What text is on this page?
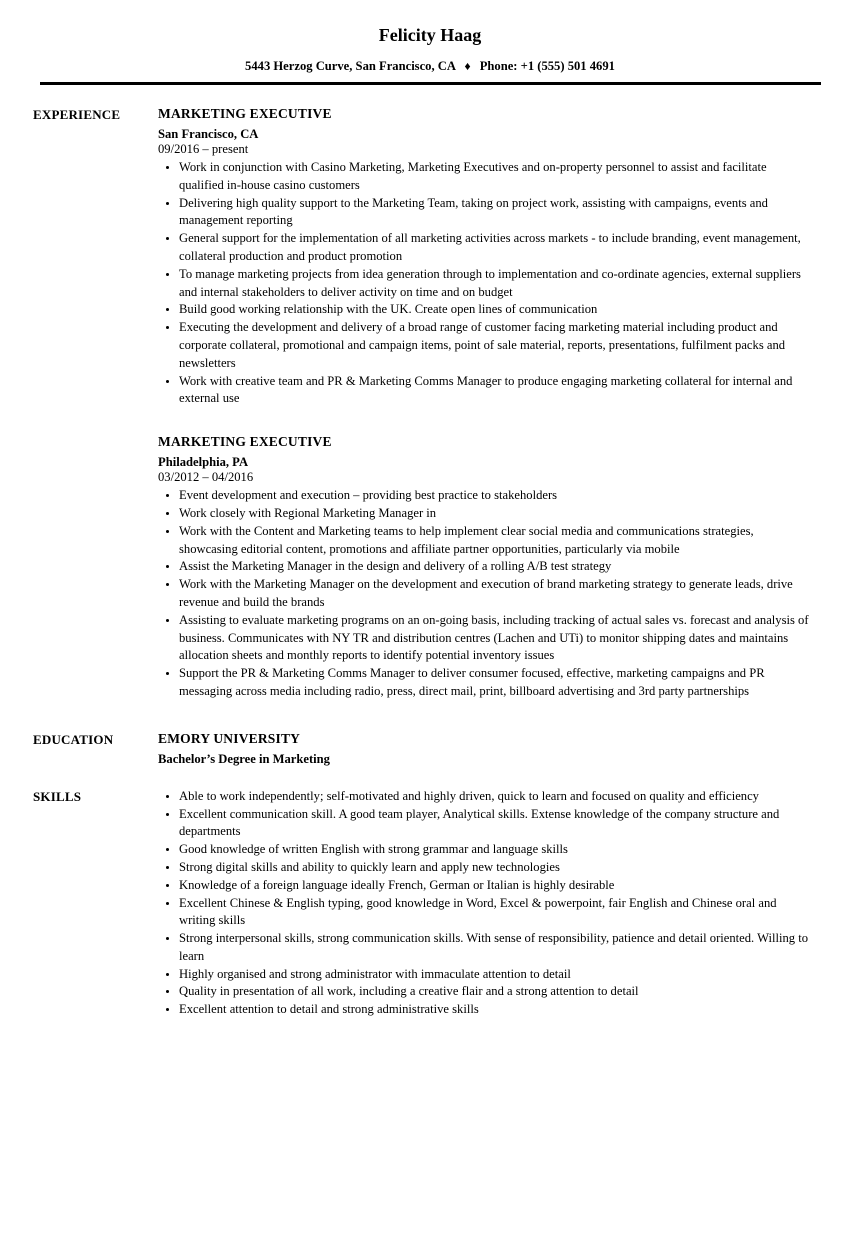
Felicity Haag
5443 Herzog Curve, San Francisco, CA ♦ Phone: +1 (555) 501 4691
EXPERIENCE	MARKETING EXECUTIVE
San Francisco, CA
09/2016 – present
• Work in conjunction with Casino Marketing, Marketing Executives and on-property personnel to assist and facilitate qualified in-house casino customers
• Delivering high quality support to the Marketing Team, taking on project work, assisting with campaigns, events and management reporting
• General support for the implementation of all marketing activities across markets - to include branding, event management, collateral production and product promotion
• To manage marketing projects from idea generation through to implementation and co-ordinate agencies, external suppliers and internal stakeholders to deliver activity on time and on budget
• Build good working relationship with the UK. Create open lines of communication
• Executing the development and delivery of a broad range of customer facing marketing material including product and corporate collateral, promotional and campaign items, point of sale material, reports, presentations, fulfilment packs and newsletters
• Work with creative team and PR & Marketing Comms Manager to produce engaging marketing collateral for internal and external use
MARKETING EXECUTIVE
Philadelphia, PA
03/2012 – 04/2016
• Event development and execution – providing best practice to stakeholders
• Work closely with Regional Marketing Manager in
• Work with the Content and Marketing teams to help implement clear social media and communications strategies, showcasing editorial content, promotions and affiliate partner opportunities, particularly via mobile
• Assist the Marketing Manager in the design and delivery of a rolling A/B test strategy
• Work with the Marketing Manager on the development and execution of brand marketing strategy to generate leads, drive revenue and build the brands
• Assisting to evaluate marketing programs on an on-going basis, including tracking of actual sales vs. forecast and analysis of business. Communicates with NY TR and distribution centres (Lachen and UTi) to monitor shipping dates and maintains allocation sheets and monthly reports to identify potential inventory issues
• Support the PR & Marketing Comms Manager to deliver consumer focused, effective, marketing campaigns and PR messaging across media including radio, press, direct mail, print, billboard advertising and 3rd party partnerships
EDUCATION	EMORY UNIVERSITY
Bachelor’s Degree in Marketing
SKILLS	• Able to work independently; self-motivated and highly driven, quick to learn and focused on quality and efficiency
• Excellent communication skill. A good team player, Analytical skills. Extense knowledge of the company structure and departments
• Good knowledge of written English with strong grammar and language skills
• Strong digital skills and ability to quickly learn and apply new technologies
• Knowledge of a foreign language ideally French, German or Italian is highly desirable
• Excellent Chinese & English typing, good knowledge in Word, Excel & powerpoint, fair English and Chinese oral and writing skills
• Strong interpersonal skills, strong communication skills. With sense of responsibility, patience and detail oriented. Willing to learn
• Highly organised and strong administrator with immaculate attention to detail
• Quality in presentation of all work, including a creative flair and a strong attention to detail
• Excellent attention to detail and strong administrative skills
